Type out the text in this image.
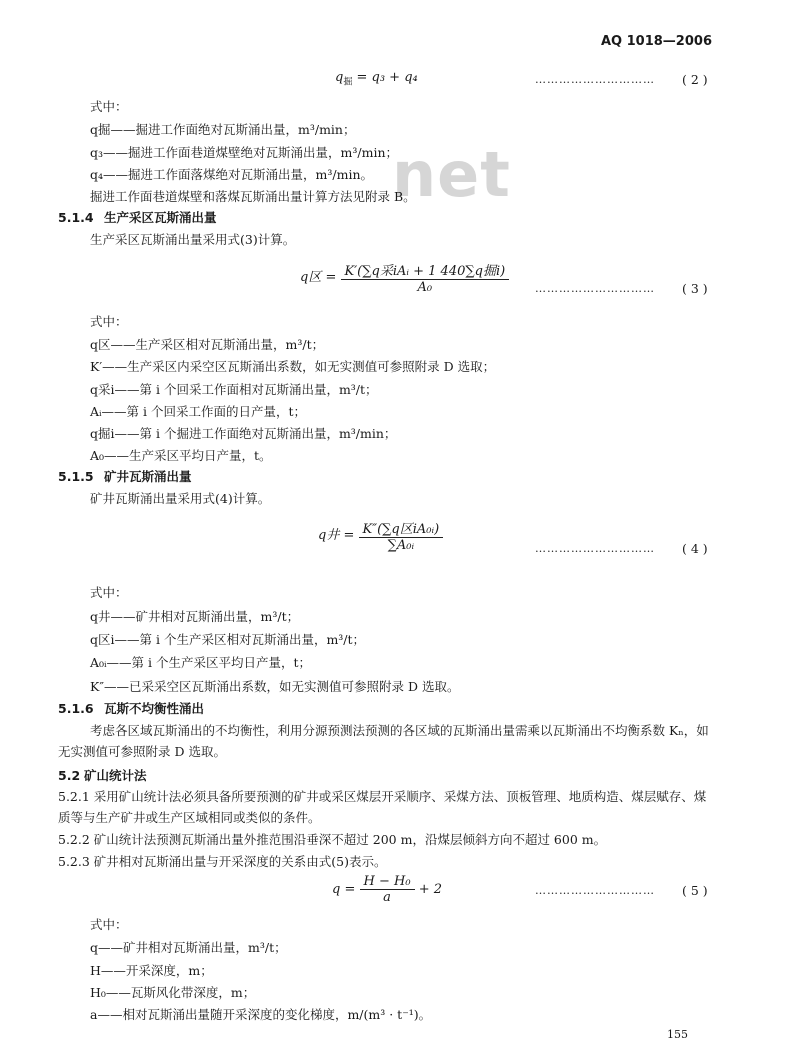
AQ 1018—2006
net
$q_掘 = q_3 + q_4$	………………………… ( 2 )
式中：
q掘——掘进工作面绝对瓦斯涌出量，m³/min；
q₃——掘进工作面巷道煤壁绝对瓦斯涌出量，m³/min；
q₄——掘进工作面落煤绝对瓦斯涌出量，m³/min。
掘进工作面巷道煤壁和落煤瓦斯涌出量计算方法见附录 B。
5.1.4 生产采区瓦斯涌出量
生产采区瓦斯涌出量采用式(3)计算。
q区 = $\frac{\text{K′(∑q采iAᵢ + 1 440∑q掘i)}}{\text{A₀}}$ ………………………… ( 3 )
式中：
q区——生产采区相对瓦斯涌出量，m³/t；
K′——生产采区内采空区瓦斯涌出系数，如无实测值可参照附录 D 选取；
q采i——第 i 个回采工作面相对瓦斯涌出量，m³/t；
Aᵢ——第 i 个回采工作面的日产量，t；
q掘i——第 i 个掘进工作面绝对瓦斯涌出量，m³/min；
A₀——生产采区平均日产量，t。
5.1.5 矿井瓦斯涌出量
矿井瓦斯涌出量采用式(4)计算。
q井 = $\frac{\text{K″(∑q区iA₀ᵢ)}}{\text{∑A₀ᵢ}}$	………………………… ( 4 )
式中：
q井——矿井相对瓦斯涌出量，m³/t；
q区i——第 i 个生产采区相对瓦斯涌出量，m³/t；
A₀ᵢ——第 i 个生产采区平均日产量，t；
K″——已采采空区瓦斯涌出系数，如无实测值可参照附录 D 选取。
5.1.6 瓦斯不均衡性涌出
考虑各区域瓦斯涌出的不均衡性，利用分源预测法预测的各区域的瓦斯涌出量需乘以瓦斯涌出不均衡系数 Kₙ，如无实测值可参照附录 D 选取。
5.2 矿山统计法
5.2.1 采用矿山统计法必须具备所要预测的矿井或采区煤层开采顺序、采煤方法、顶板管理、地质构造、煤层赋存、煤质等与生产矿井或生产区域相同或类似的条件。
5.2.2 矿山统计法预测瓦斯涌出量外推范围沿垂深不超过 200 m，沿煤层倾斜方向不超过 600 m。
5.2.3 矿井相对瓦斯涌出量与开采深度的关系由式(5)表示。
$q = \frac{\text{H − H₀}}{a} + 2$	………………………… ( 5 )
式中：
q——矿井相对瓦斯涌出量，m³/t；
H——开采深度，m；
H₀——瓦斯风化带深度，m；
a——相对瓦斯涌出量随开采深度的变化梯度，m/(m³ · t⁻¹)。
155
